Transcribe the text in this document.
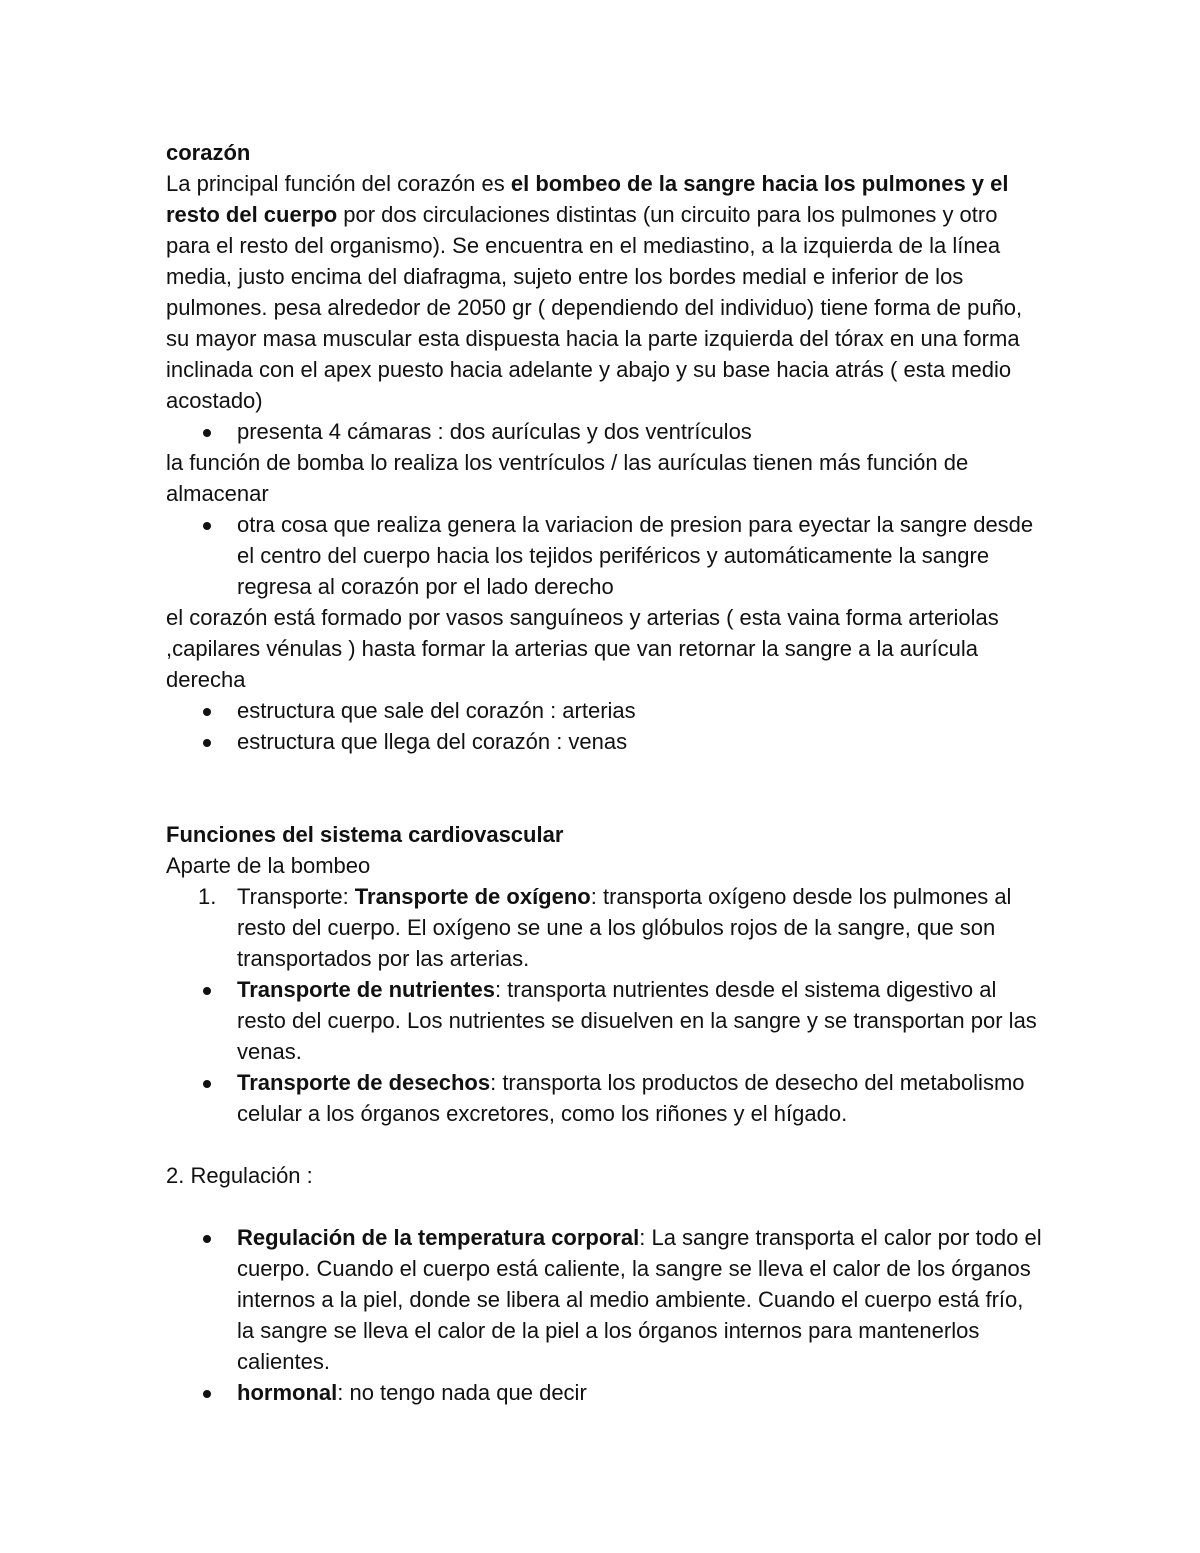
corazón

La principal función del corazón es el bombeo de la sangre hacia los pulmones y el resto del cuerpo por dos circulaciones distintas (un circuito para los pulmones y otro para el resto del organismo). Se encuentra en el mediastino, a la izquierda de la línea media, justo encima del diafragma, sujeto entre los bordes medial e inferior de los pulmones. pesa alrededor de 2050 gr ( dependiendo del individuo) tiene forma de puño, su mayor masa muscular esta dispuesta hacia la parte izquierda del tórax en una forma inclinada con el apex puesto hacia adelante y abajo y su base hacia atrás ( esta medio acostado)

presenta 4 cámaras : dos aurículas y dos ventrículos

la función de bomba lo realiza los ventrículos / las aurículas tienen más función de almacenar

otra cosa que realiza genera la variacion de presion para eyectar la sangre desde el centro del cuerpo hacia los tejidos periféricos y automáticamente la sangre regresa al corazón por el lado derecho

el corazón está formado por vasos sanguíneos y arterias ( esta vaina forma arteriolas ,capilares vénulas ) hasta formar la arterias que van retornar la sangre a la aurícula derecha

estructura que sale del corazón : arterias
estructura que llega del corazón : venas

Funciones del sistema cardiovascular

Aparte de la bombeo

1. Transporte: Transporte de oxígeno: transporta oxígeno desde los pulmones al resto del cuerpo. El oxígeno se une a los glóbulos rojos de la sangre, que son transportados por las arterias.
Transporte de nutrientes: transporta nutrientes desde el sistema digestivo al resto del cuerpo. Los nutrientes se disuelven en la sangre y se transportan por las venas.
Transporte de desechos: transporta los productos de desecho del metabolismo celular a los órganos excretores, como los riñones y el hígado.

2. Regulación :

Regulación de la temperatura corporal: La sangre transporta el calor por todo el cuerpo. Cuando el cuerpo está caliente, la sangre se lleva el calor de los órganos internos a la piel, donde se libera al medio ambiente. Cuando el cuerpo está frío, la sangre se lleva el calor de la piel a los órganos internos para mantenerlos calientes.
hormonal: no tengo nada que decir
